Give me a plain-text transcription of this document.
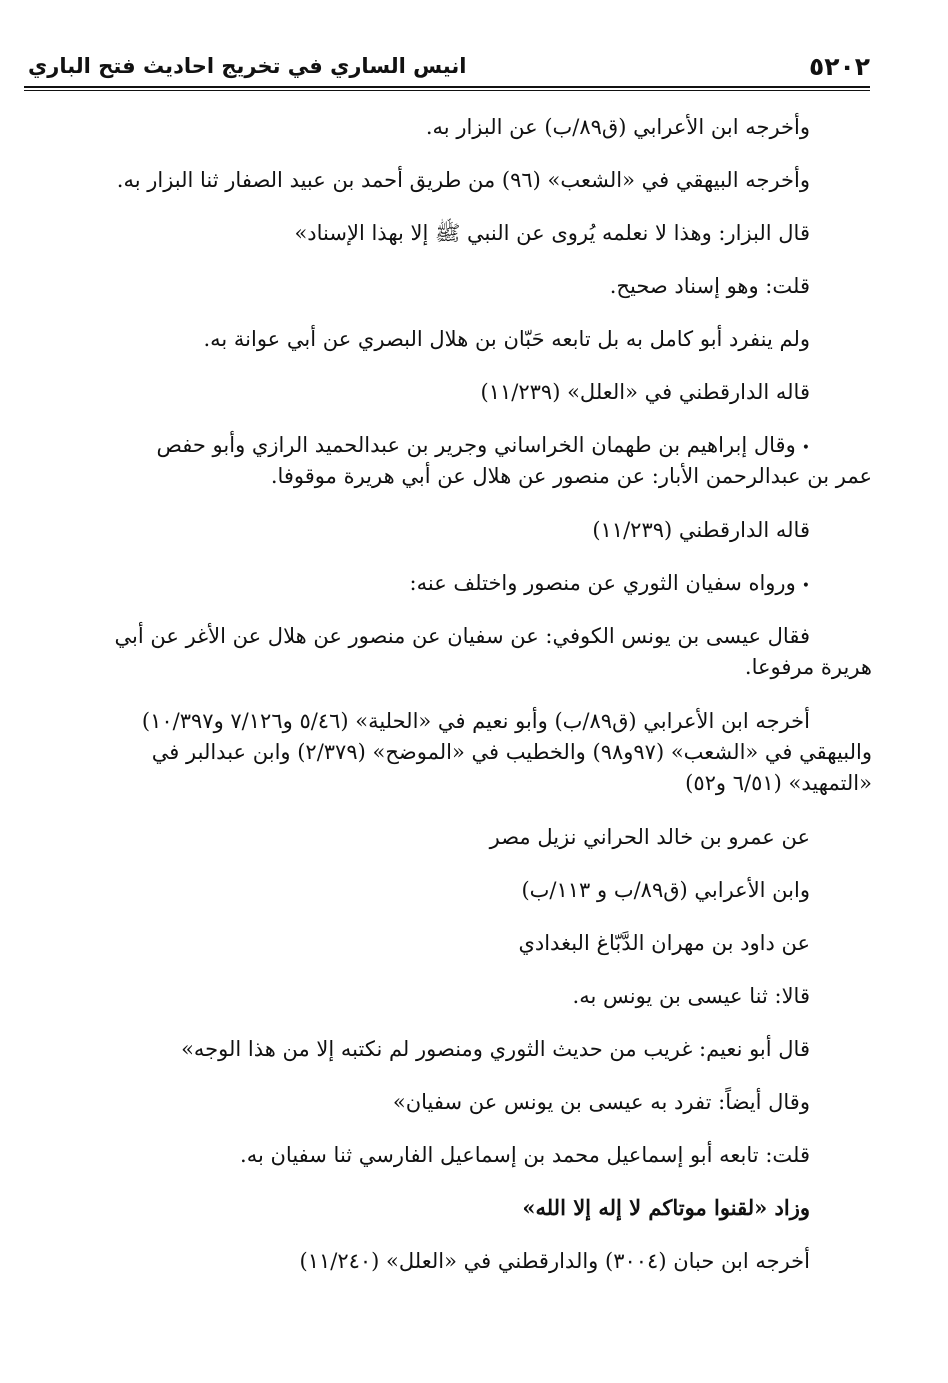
٥٢٠٢
انيس الساري في تخريج احاديث فتح الباري
وأخرجه ابن الأعرابي (ق٨٩/ب) عن البزار به.
وأخرجه البيهقي في «الشعب» (٩٦) من طريق أحمد بن عبيد الصفار ثنا البزار به.
قال البزار: وهذا لا نعلمه يُروى عن النبي ﷺ إلا بهذا الإسناد»
قلت: وهو إسناد صحيح.
ولم ينفرد أبو كامل به بل تابعه حَبّان بن هلال البصري عن أبي عوانة به.
قاله الدارقطني في «العلل» (١١/٢٣٩)
•وقال إبراهيم بن طهمان الخراساني وجرير بن عبدالحميد الرازي وأبو حفص
عمر بن عبدالرحمن الأبار: عن منصور عن هلال عن أبي هريرة موقوفا.
قاله الدارقطني (١١/٢٣٩)
•ورواه سفيان الثوري عن منصور واختلف عنه:
فقال عيسى بن يونس الكوفي: عن سفيان عن منصور عن هلال عن الأغر عن أبي
هريرة مرفوعا.
أخرجه ابن الأعرابي (ق٨٩/ب) وأبو نعيم في «الحلية» (٥/٤٦ و٧/١٢٦ و١٠/٣٩٧)
والبيهقي في «الشعب» (٩٧و٩٨) والخطيب في «الموضح» (٢/٣٧٩) وابن عبدالبر في
«التمهيد» (٦/٥١ و٥٢)
عن عمرو بن خالد الحراني نزيل مصر
وابن الأعرابي (ق٨٩/ب و ١١٣/ب)
عن داود بن مهران الدَّبّاغ البغدادي
قالا: ثنا عيسى بن يونس به.
قال أبو نعيم: غريب من حديث الثوري ومنصور لم نكتبه إلا من هذا الوجه»
وقال أيضاً: تفرد به عيسى بن يونس عن سفيان»
قلت: تابعه أبو إسماعيل محمد بن إسماعيل الفارسي ثنا سفيان به.
وزاد «لقنوا موتاكم لا إله إلا الله»
أخرجه ابن حبان (٣٠٠٤) والدارقطني في «العلل» (١١/٢٤٠)
